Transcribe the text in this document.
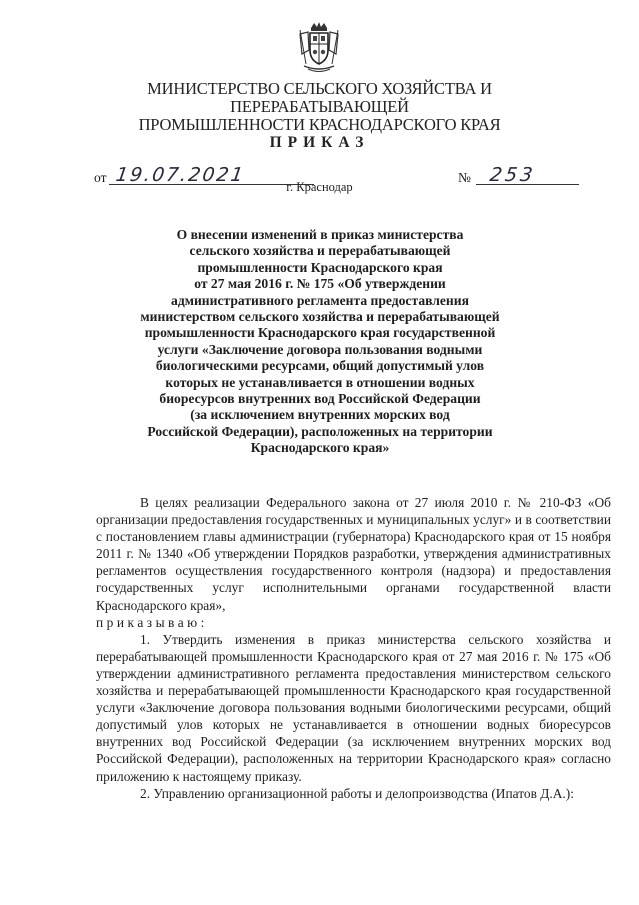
МИНИСТЕРСТВО СЕЛЬСКОГО ХОЗЯЙСТВА И ПЕРЕРАБАТЫВАЮЩЕЙ
ПРОМЫШЛЕННОСТИ КРАСНОДАРСКОГО КРАЯ
ПРИКАЗ
от 19.07.2021	№ 253
г. Краснодар
О внесении изменений в приказ министерства
сельского хозяйства и перерабатывающей
промышленности Краснодарского края
от 27 мая 2016 г. № 175 «Об утверждении
административного регламента предоставления
министерством сельского хозяйства и перерабатывающей
промышленности Краснодарского края государственной
услуги «Заключение договора пользования водными
биологическими ресурсами, общий допустимый улов
которых не устанавливается в отношении водных
биоресурсов внутренних вод Российской Федерации
(за исключением внутренних морских вод
Российской Федерации), расположенных на территории
Краснодарского края»

В целях реализации Федерального закона от 27 июля 2010 г. № 210-ФЗ «Об организации предоставления государственных и муниципальных услуг» и в соответствии с постановлением главы администрации (губернатора) Краснодарского края от 15 ноября 2011 г. № 1340 «Об утверждении Порядков разработки, утверждения административных регламентов осуществления государственного контроля (надзора) и предоставления государственных услуг исполнительными органами государственной власти Краснодарского края»,

приказываю:

1. Утвердить изменения в приказ министерства сельского хозяйства и перерабатывающей промышленности Краснодарского края от 27 мая 2016 г. № 175 «Об утверждении административного регламента предоставления министерством сельского хозяйства и перерабатывающей промышленности Краснодарского края государственной услуги «Заключение договора пользования водными биологическими ресурсами, общий допустимый улов которых не устанавливается в отношении водных биоресурсов внутренних вод Российской Федерации (за исключением внутренних морских вод Российской Федерации), расположенных на территории Краснодарского края» согласно приложению к настоящему приказу.

2. Управлению организационной работы и делопроизводства (Ипатов Д.А.):
